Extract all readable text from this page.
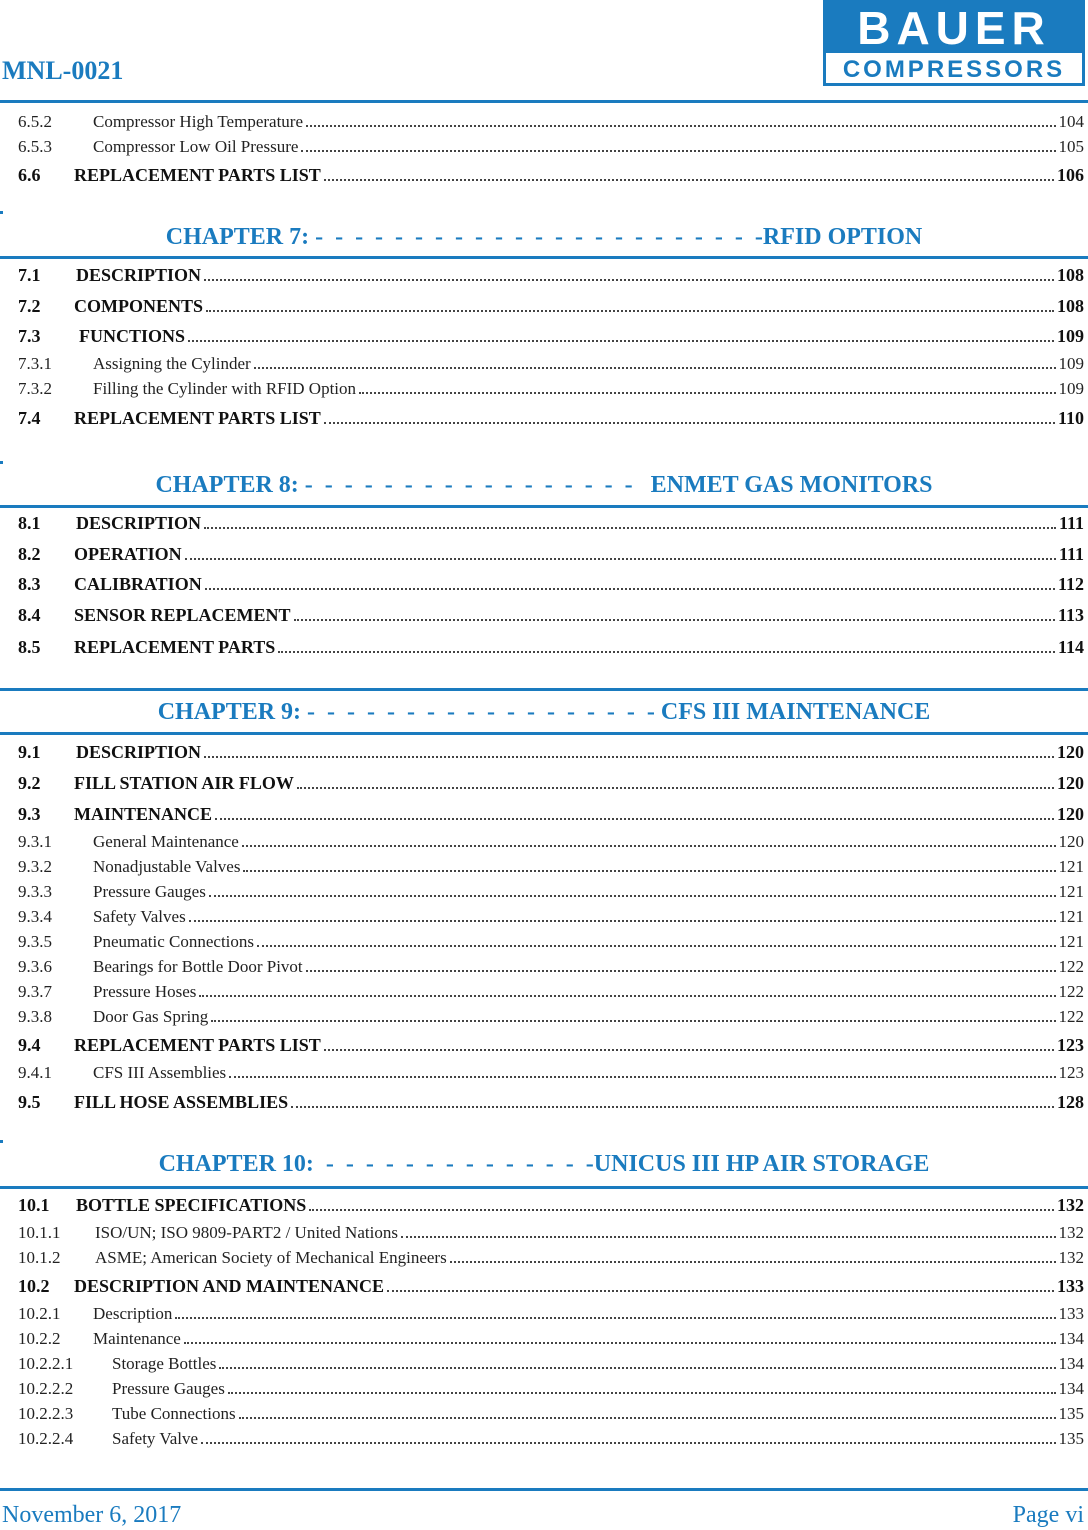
MNL-0021
BAUER
COMPRESSORS
6.5.2	Compressor High Temperature	104
6.5.3	Compressor Low Oil Pressure	105
6.6	REPLACEMENT PARTS LIST	106
CHAPTER 7: -  -  -  -  -  -  -  -  -  -  -  -  -  -  -  -  -  -  -  -  -  -  -RFID OPTION
7.1	DESCRIPTION	108
7.2	COMPONENTS	108
7.3	FUNCTIONS	109
7.3.1	Assigning the Cylinder	109
7.3.2	Filling the Cylinder with RFID Option	109
7.4	REPLACEMENT PARTS LIST	110
CHAPTER 8: -  -  -  -  -  -  -  -  -  -  -  -  -  -  -  -  -   ENMET GAS MONITORS
8.1	DESCRIPTION	111
8.2	OPERATION	111
8.3	CALIBRATION	112
8.4	SENSOR REPLACEMENT	113
8.5	REPLACEMENT PARTS	114
CHAPTER 9: -  -  -  -  -  -  -  -  -  -  -  -  -  -  -  -  -  - CFS III MAINTENANCE
9.1	DESCRIPTION	120
9.2	FILL STATION AIR FLOW	120
9.3	MAINTENANCE	120
9.3.1	General Maintenance	120
9.3.2	Nonadjustable Valves	121
9.3.3	Pressure Gauges	121
9.3.4	Safety Valves	121
9.3.5	Pneumatic Connections	121
9.3.6	Bearings for Bottle Door Pivot	122
9.3.7	Pressure Hoses	122
9.3.8	Door Gas Spring	122
9.4	REPLACEMENT PARTS LIST	123
9.4.1	CFS III Assemblies	123
9.5	FILL HOSE ASSEMBLIES	128
CHAPTER 10:  -  -  -  -  -  -  -  -  -  -  -  -  -  -UNICUS III HP AIR STORAGE
10.1	BOTTLE SPECIFICATIONS	132
10.1.1	ISO/UN; ISO 9809-PART2 / United Nations	132
10.1.2	ASME; American Society of Mechanical Engineers	132
10.2	DESCRIPTION AND MAINTENANCE	133
10.2.1	Description	133
10.2.2	Maintenance	134
10.2.2.1	Storage Bottles	134
10.2.2.2	Pressure Gauges	134
10.2.2.3	Tube Connections	135
10.2.2.4	Safety Valve	135
November 6, 2017	Page vi
